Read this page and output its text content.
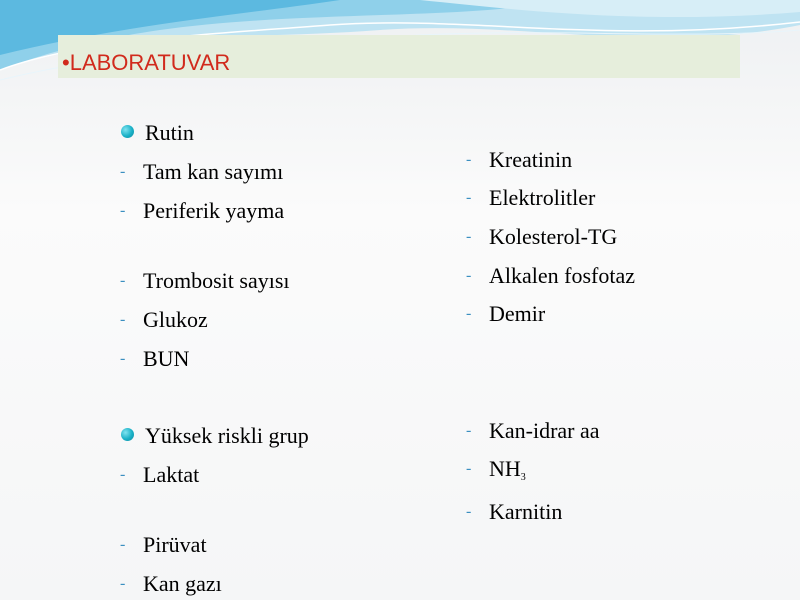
•LABORATUVAR
Rutin
- Tam kan sayımı
- Periferik yayma
- Trombosit sayısı
- Glukoz
- BUN
Yüksek riskli grup
- Laktat
- Pirüvat
- Kan gazı
- Kreatinin
- Elektrolitler
- Kolesterol-TG
- Alkalen fosfotaz
- Demir
- Kan-idrar aa
- $NH_3$
- Karnitin
